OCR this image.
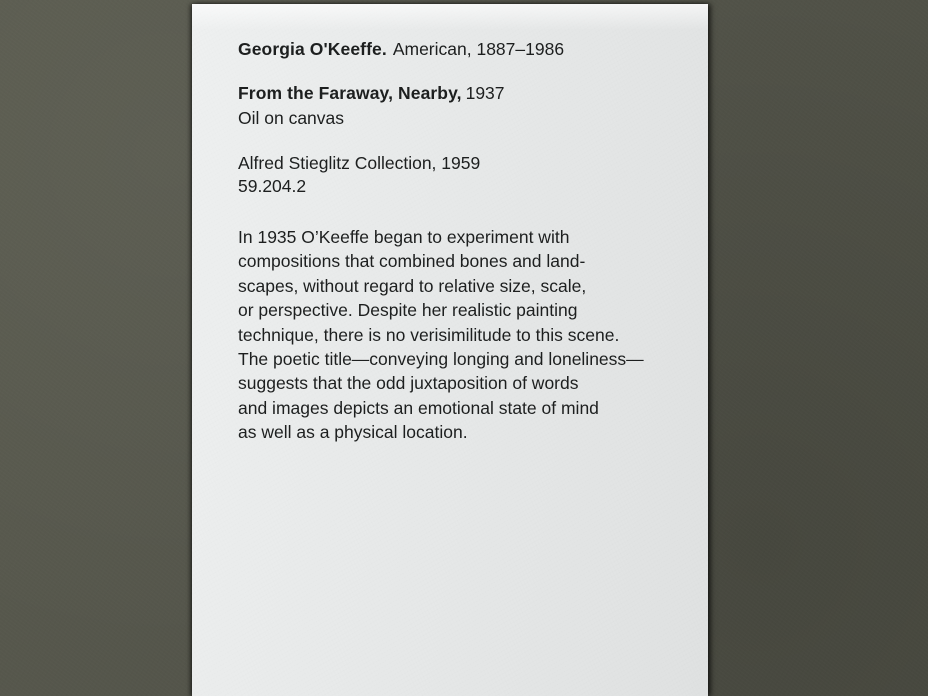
Georgia O'Keeffe. American, 1887–1986

From the Faraway, Nearby, 1937

Oil on canvas

Alfred Stieglitz Collection, 1959
59.204.2

In 1935 O’Keeffe began to experiment with
compositions that combined bones and land-
scapes, without regard to relative size, scale,
or perspective. Despite her realistic painting
technique, there is no verisimilitude to this scene.
The poetic title—conveying longing and loneliness—
suggests that the odd juxtaposition of words
and images depicts an emotional state of mind
as well as a physical location.
